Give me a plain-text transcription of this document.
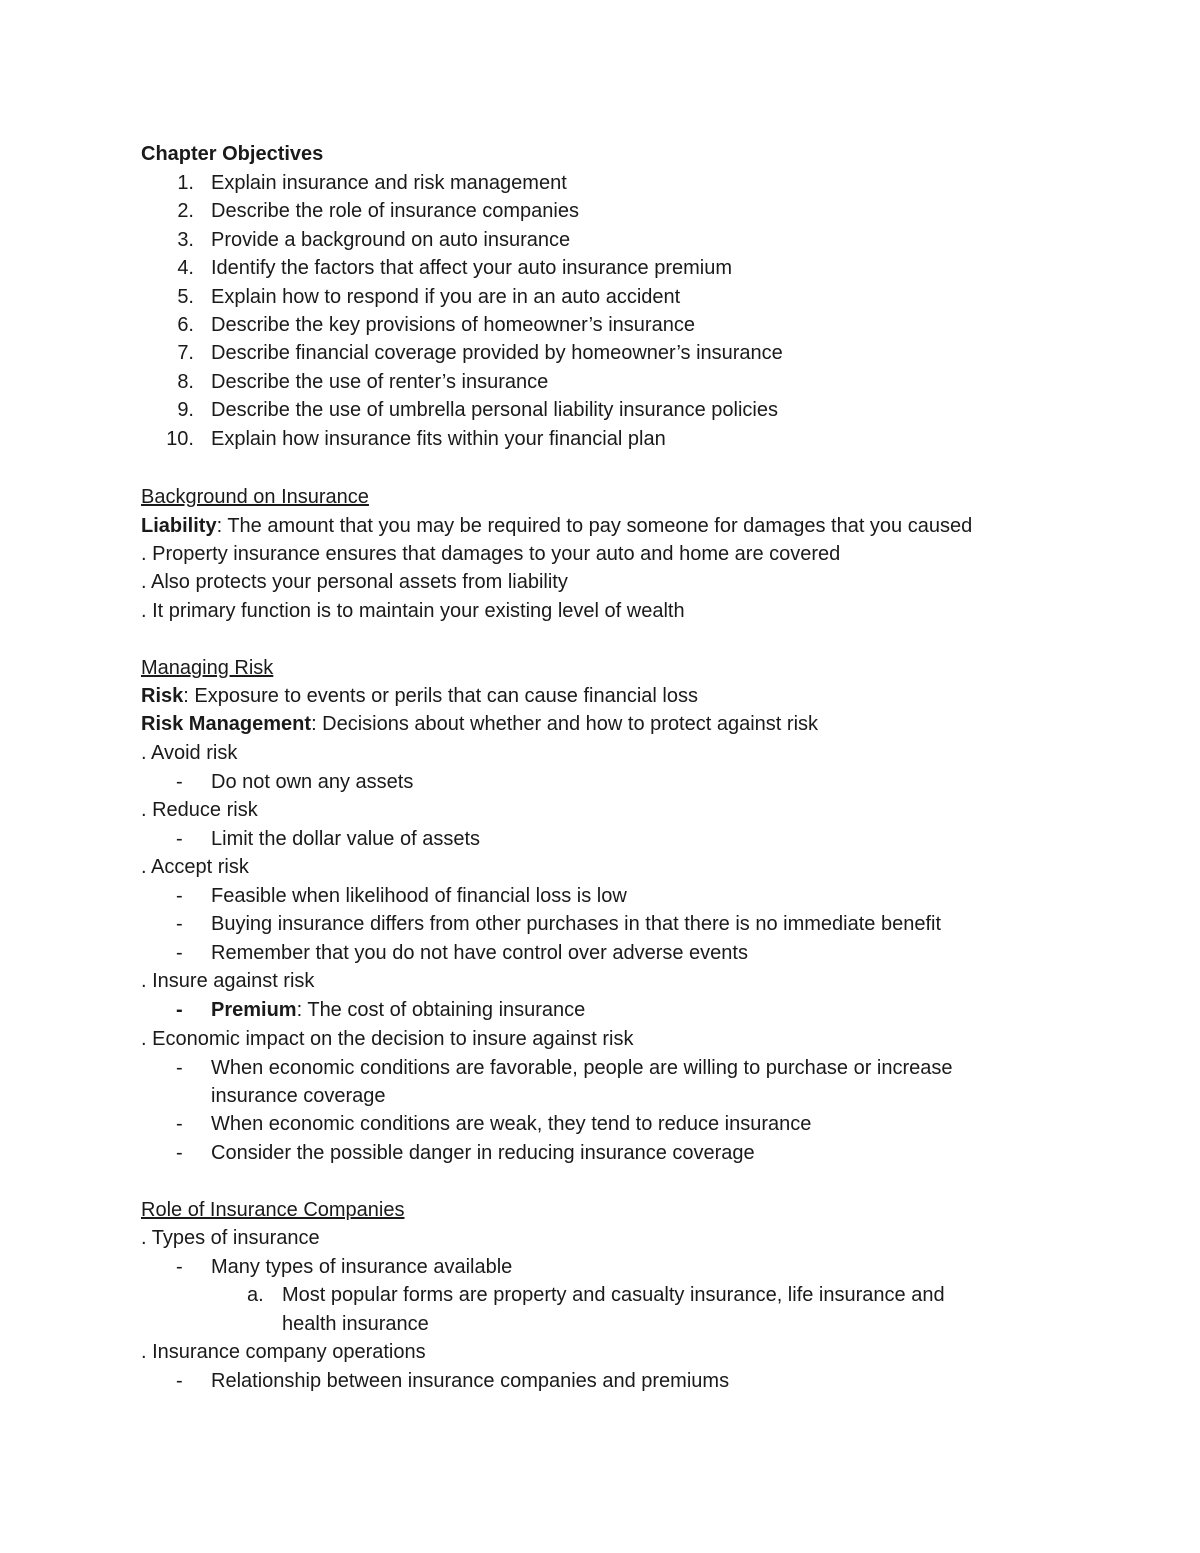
Chapter Objectives
1. Explain insurance and risk management
2. Describe the role of insurance companies
3. Provide a background on auto insurance
4. Identify the factors that affect your auto insurance premium
5. Explain how to respond if you are in an auto accident
6. Describe the key provisions of homeowner’s insurance
7. Describe financial coverage provided by homeowner’s insurance
8. Describe the use of renter’s insurance
9. Describe the use of umbrella personal liability insurance policies
10. Explain how insurance fits within your financial plan
Background on Insurance
Liability: The amount that you may be required to pay someone for damages that you caused
. Property insurance ensures that damages to your auto and home are covered
. Also protects your personal assets from liability
. It primary function is to maintain your existing level of wealth
Managing Risk
Risk: Exposure to events or perils that can cause financial loss
Risk Management: Decisions about whether and how to protect against risk
. Avoid risk
- Do not own any assets
. Reduce risk
- Limit the dollar value of assets
. Accept risk
- Feasible when likelihood of financial loss is low
- Buying insurance differs from other purchases in that there is no immediate benefit
- Remember that you do not have control over adverse events
. Insure against risk
- Premium: The cost of obtaining insurance
. Economic impact on the decision to insure against risk
- When economic conditions are favorable, people are willing to purchase or increase
insurance coverage
- When economic conditions are weak, they tend to reduce insurance
- Consider the possible danger in reducing insurance coverage
Role of Insurance Companies
. Types of insurance
- Many types of insurance available
a. Most popular forms are property and casualty insurance, life insurance and
health insurance
. Insurance company operations
- Relationship between insurance companies and premiums
